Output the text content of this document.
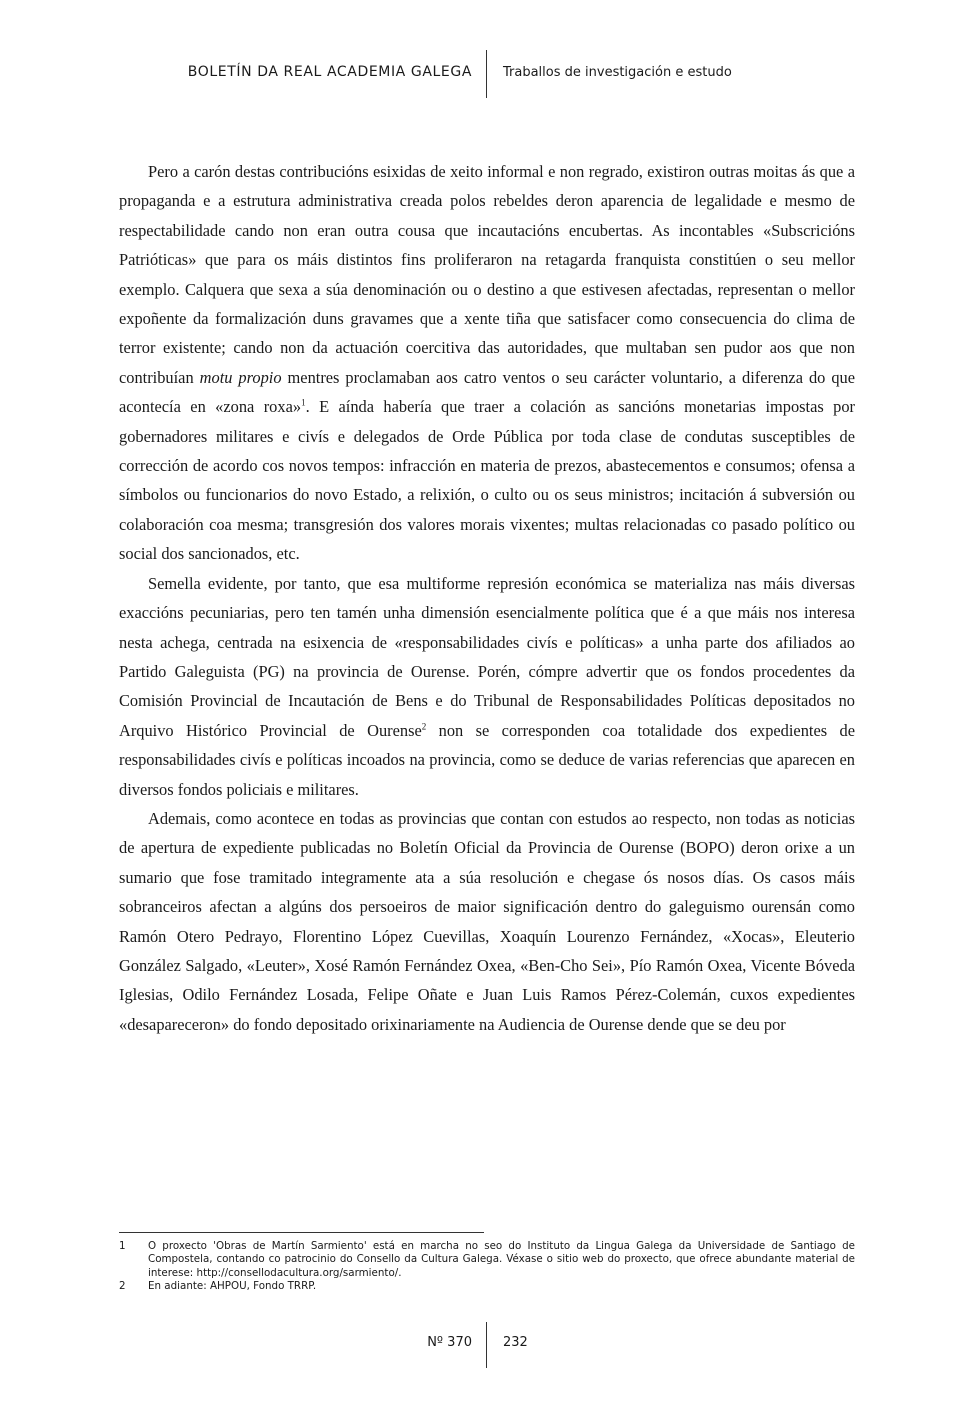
BOLETÍN DA REAL ACADEMIA GALEGA Traballos de investigación e estudo

Pero a carón destas contribucións esixidas de xeito informal e non regrado, existiron outras moitas ás que a propaganda e a estrutura administrativa creada polos rebeldes deron aparencia de legalidade e mesmo de respectabilidade cando non eran outra cousa que incautacións encubertas. As incontables «Subscricións Patrióticas» que para os máis distintos fins proliferaron na retagarda franquista constitúen o seu mellor exemplo. Calquera que sexa a súa denominación ou o destino a que estivesen afectadas, representan o mellor expoñente da formalización duns gravames que a xente tiña que satisfacer como consecuencia do clima de terror existente; cando non da actuación coercitiva das autoridades, que multaban sen pudor aos que non contribuían motu propio mentres proclamaban aos catro ventos o seu carácter voluntario, a diferenza do que acontecía en «zona roxa»$^1$. E aínda habería que traer a colación as sancións monetarias impostas por gobernadores militares e civís e delegados de Orde Pública por toda clase de condutas susceptibles de corrección de acordo cos novos tempos: infracción en materia de prezos, abastecementos e consumos; ofensa a símbolos ou funcionarios do novo Estado, a relixión, o culto ou os seus ministros; incitación á subversión ou colaboración coa mesma; transgresión dos valores morais vixentes; multas relacionadas co pasado político ou social dos sancionados, etc.

Semella evidente, por tanto, que esa multiforme represión económica se materializa nas máis diversas exaccións pecuniarias, pero ten tamén unha dimensión esencialmente política que é a que máis nos interesa nesta achega, centrada na esixencia de «responsabilidades civís e políticas» a unha parte dos afiliados ao Partido Galeguista (PG) na provincia de Ourense. Porén, cómpre advertir que os fondos procedentes da Comisión Provincial de Incautación de Bens e do Tribunal de Responsabilidades Políticas depositados no Arquivo Histórico Provincial de Ourense$^2$ non se corresponden coa totalidade dos expedientes de responsabilidades civís e políticas incoados na provincia, como se deduce de varias referencias que aparecen en diversos fondos policiais e militares.

Ademais, como acontece en todas as provincias que contan con estudos ao respecto, non todas as noticias de apertura de expediente publicadas no Boletín Oficial da Provincia de Ourense (BOPO) deron orixe a un sumario que fose tramitado integramente ata a súa resolución e chegase ós nosos días. Os casos máis sobranceiros afectan a algúns dos persoeiros de maior significación dentro do galeguismo ourensán como Ramón Otero Pedrayo, Florentino López Cuevillas, Xoaquín Lourenzo Fernández, «Xocas», Eleuterio González Salgado, «Leuter», Xosé Ramón Fernández Oxea, «Ben-Cho Sei», Pío Ramón Oxea, Vicente Bóveda Iglesias, Odilo Fernández Losada, Felipe Oñate e Juan Luis Ramos Pérez-Colemán, cuxos expedientes «desapareceron» do fondo depositado orixinariamente na Audiencia de Ourense dende que se deu por

1	O proxecto 'Obras de Martín Sarmiento' está en marcha no seo do Instituto da Lingua Galega da Universidade de Santiago de Compostela, contando co patrocinio do Consello da Cultura Galega. Véxase o sitio web do proxecto, que ofrece abundante material de interese: http://consellodacultura.org/sarmiento/.
2	En adiante: AHPOU, Fondo TRRP.
Nº 370 232
